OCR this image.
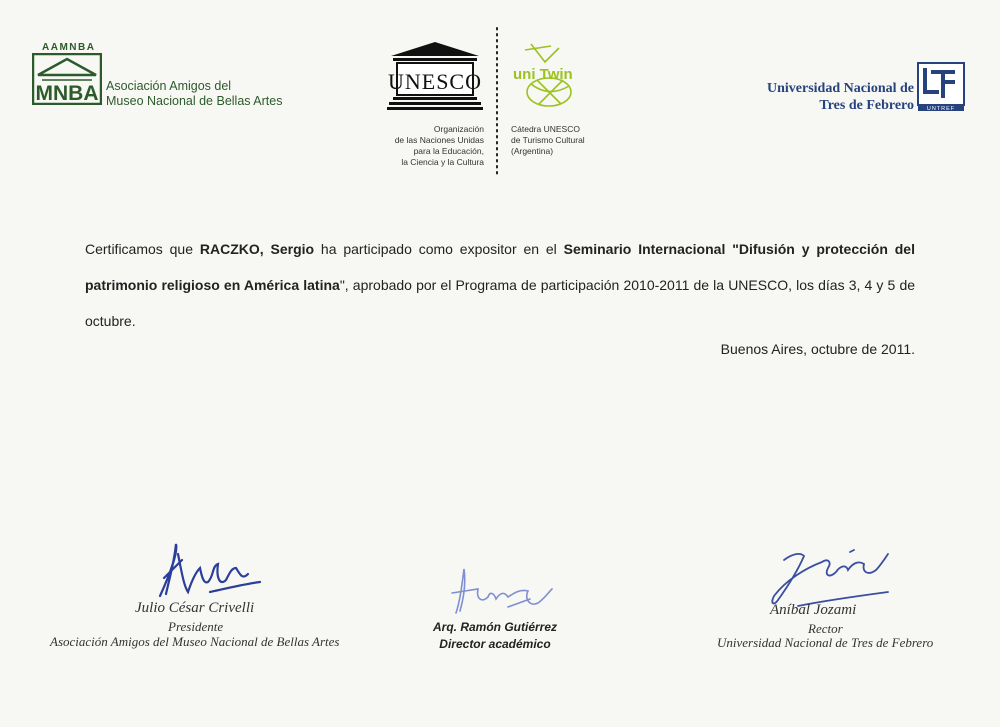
AAMNBA
MNBA Asociación Amigos del
Museo Nacional de Bellas Artes
UNESCO
Organización
de las Naciones Unidas
para la Educación,
la Ciencia y la Cultura
uni Twin
Cátedra UNESCO
de Turismo Cultural
(Argentina)
Universidad Nacional de
Tres de Febrero UNTREF
Certificamos que RACZKO, Sergio ha participado como expositor en el Seminario Internacional "Difusión y protección del patrimonio religioso en América latina", aprobado por el Programa de participación 2010-2011 de la UNESCO, los días 3, 4 y 5 de octubre.
Buenos Aires, octubre de 2011.
Julio César Crivelli
Presidente
Asociación Amigos del Museo Nacional de Bellas Artes
Arq. Ramón Gutiérrez
Director académico
Aníbal Jozami
Rector
Universidad Nacional de Tres de Febrero
